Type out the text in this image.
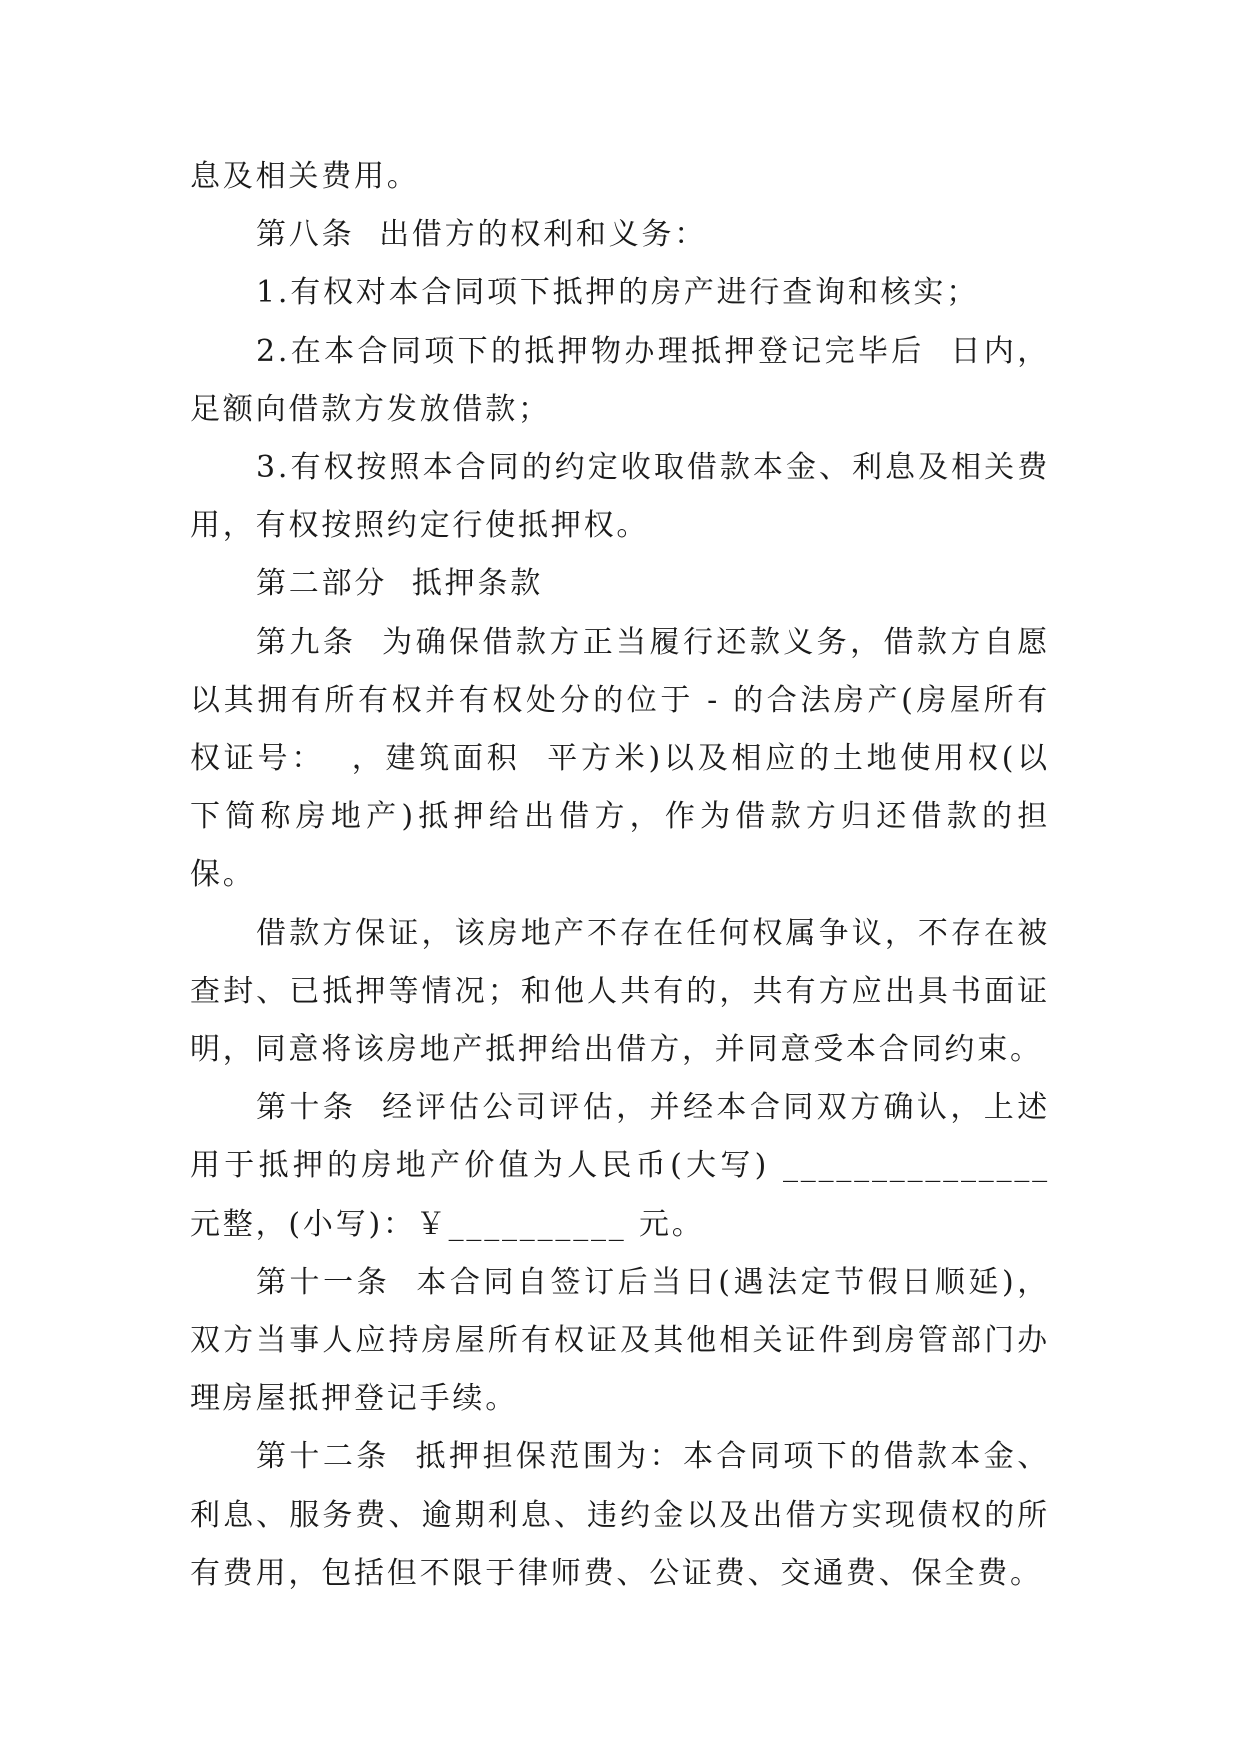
息及相关费用。

第八条  出借方的权利和义务：

1.有权对本合同项下抵押的房产进行查询和核实；

2.在本合同项下的抵押物办理抵押登记完毕后  日内，足额向借款方发放借款；

3.有权按照本合同的约定收取借款本金、利息及相关费用，有权按照约定行使抵押权。

第二部分  抵押条款

第九条  为确保借款方正当履行还款义务，借款方自愿以其拥有所有权并有权处分的位于 - 的合法房产(房屋所有权证号：  ，建筑面积  平方米)以及相应的土地使用权(以下简称房地产)抵押给出借方，作为借款方归还借款的担保。

借款方保证，该房地产不存在任何权属争议，不存在被查封、已抵押等情况；和他人共有的，共有方应出具书面证明，同意将该房地产抵押给出借方，并同意受本合同约束。

第十条  经评估公司评估，并经本合同双方确认，上述用于抵押的房地产价值为人民币(大写) _______________元整，(小写)：￥__________ 元。

第十一条  本合同自签订后当日(遇法定节假日顺延)，双方当事人应持房屋所有权证及其他相关证件到房管部门办理房屋抵押登记手续。

第十二条  抵押担保范围为：本合同项下的借款本金、利息、服务费、逾期利息、违约金以及出借方实现债权的所有费用，包括但不限于律师费、公证费、交通费、保全费。
